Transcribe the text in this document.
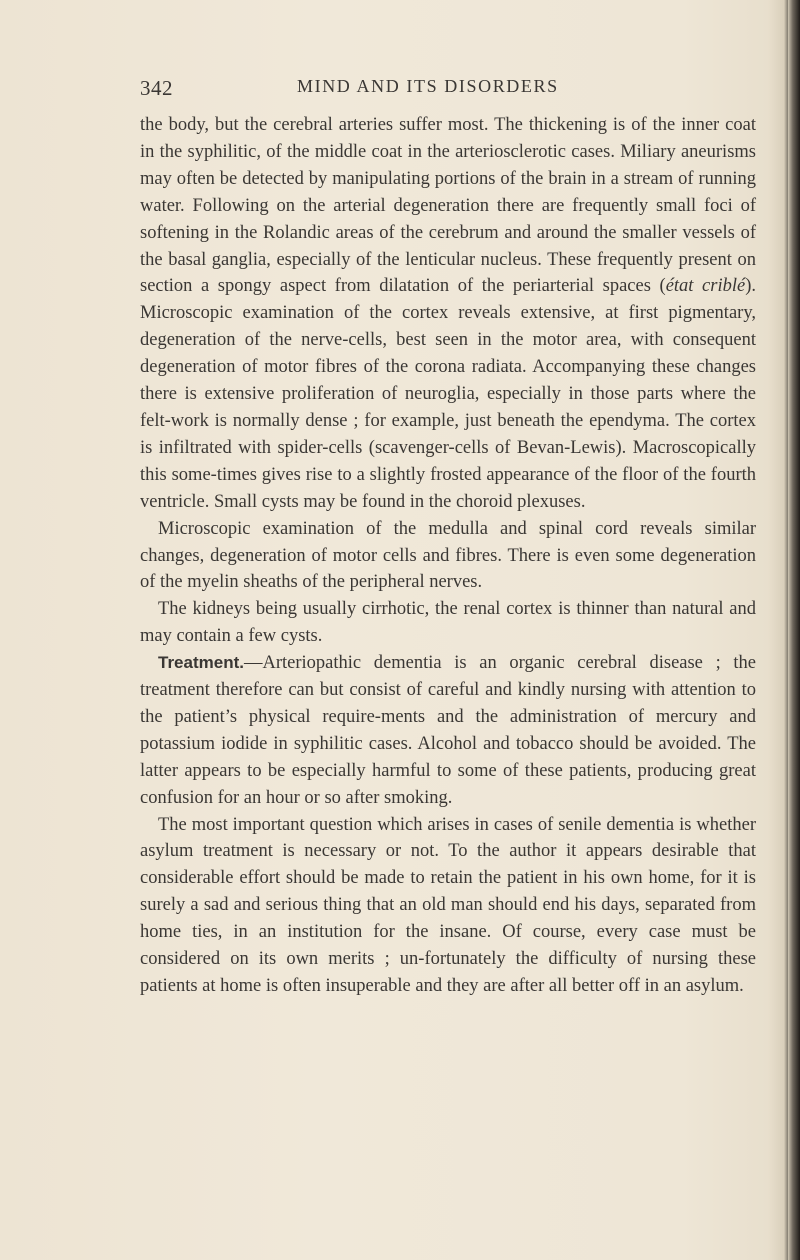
342	MIND AND ITS DISORDERS

the body, but the cerebral arteries suffer most. The thickening is of the inner coat in the syphilitic, of the middle coat in the arteriosclerotic cases. Miliary aneurisms may often be detected by manipulating portions of the brain in a stream of running water. Following on the arterial degeneration there are frequently small foci of softening in the Rolandic areas of the cerebrum and around the smaller vessels of the basal ganglia, especially of the lenticular nucleus. These frequently present on section a spongy aspect from dilatation of the periarterial spaces (état criblé). Microscopic examination of the cortex reveals extensive, at first pigmentary, degeneration of the nerve-cells, best seen in the motor area, with consequent degeneration of motor fibres of the corona radiata. Accompanying these changes there is extensive proliferation of neuroglia, especially in those parts where the felt-work is normally dense ; for example, just beneath the ependyma. The cortex is infiltrated with spider-cells (scavenger-cells of Bevan-Lewis). Macroscopically this some-times gives rise to a slightly frosted appearance of the floor of the fourth ventricle. Small cysts may be found in the choroid plexuses.

Microscopic examination of the medulla and spinal cord reveals similar changes, degeneration of motor cells and fibres. There is even some degeneration of the myelin sheaths of the peripheral nerves.

The kidneys being usually cirrhotic, the renal cortex is thinner than natural and may contain a few cysts.

Treatment.—Arteriopathic dementia is an organic cerebral disease ; the treatment therefore can but consist of careful and kindly nursing with attention to the patient’s physical require-ments and the administration of mercury and potassium iodide in syphilitic cases. Alcohol and tobacco should be avoided. The latter appears to be especially harmful to some of these patients, producing great confusion for an hour or so after smoking.

The most important question which arises in cases of senile dementia is whether asylum treatment is necessary or not. To the author it appears desirable that considerable effort should be made to retain the patient in his own home, for it is surely a sad and serious thing that an old man should end his days, separated from home ties, in an institution for the insane. Of course, every case must be considered on its own merits ; un-fortunately the difficulty of nursing these patients at home is often insuperable and they are after all better off in an asylum.
